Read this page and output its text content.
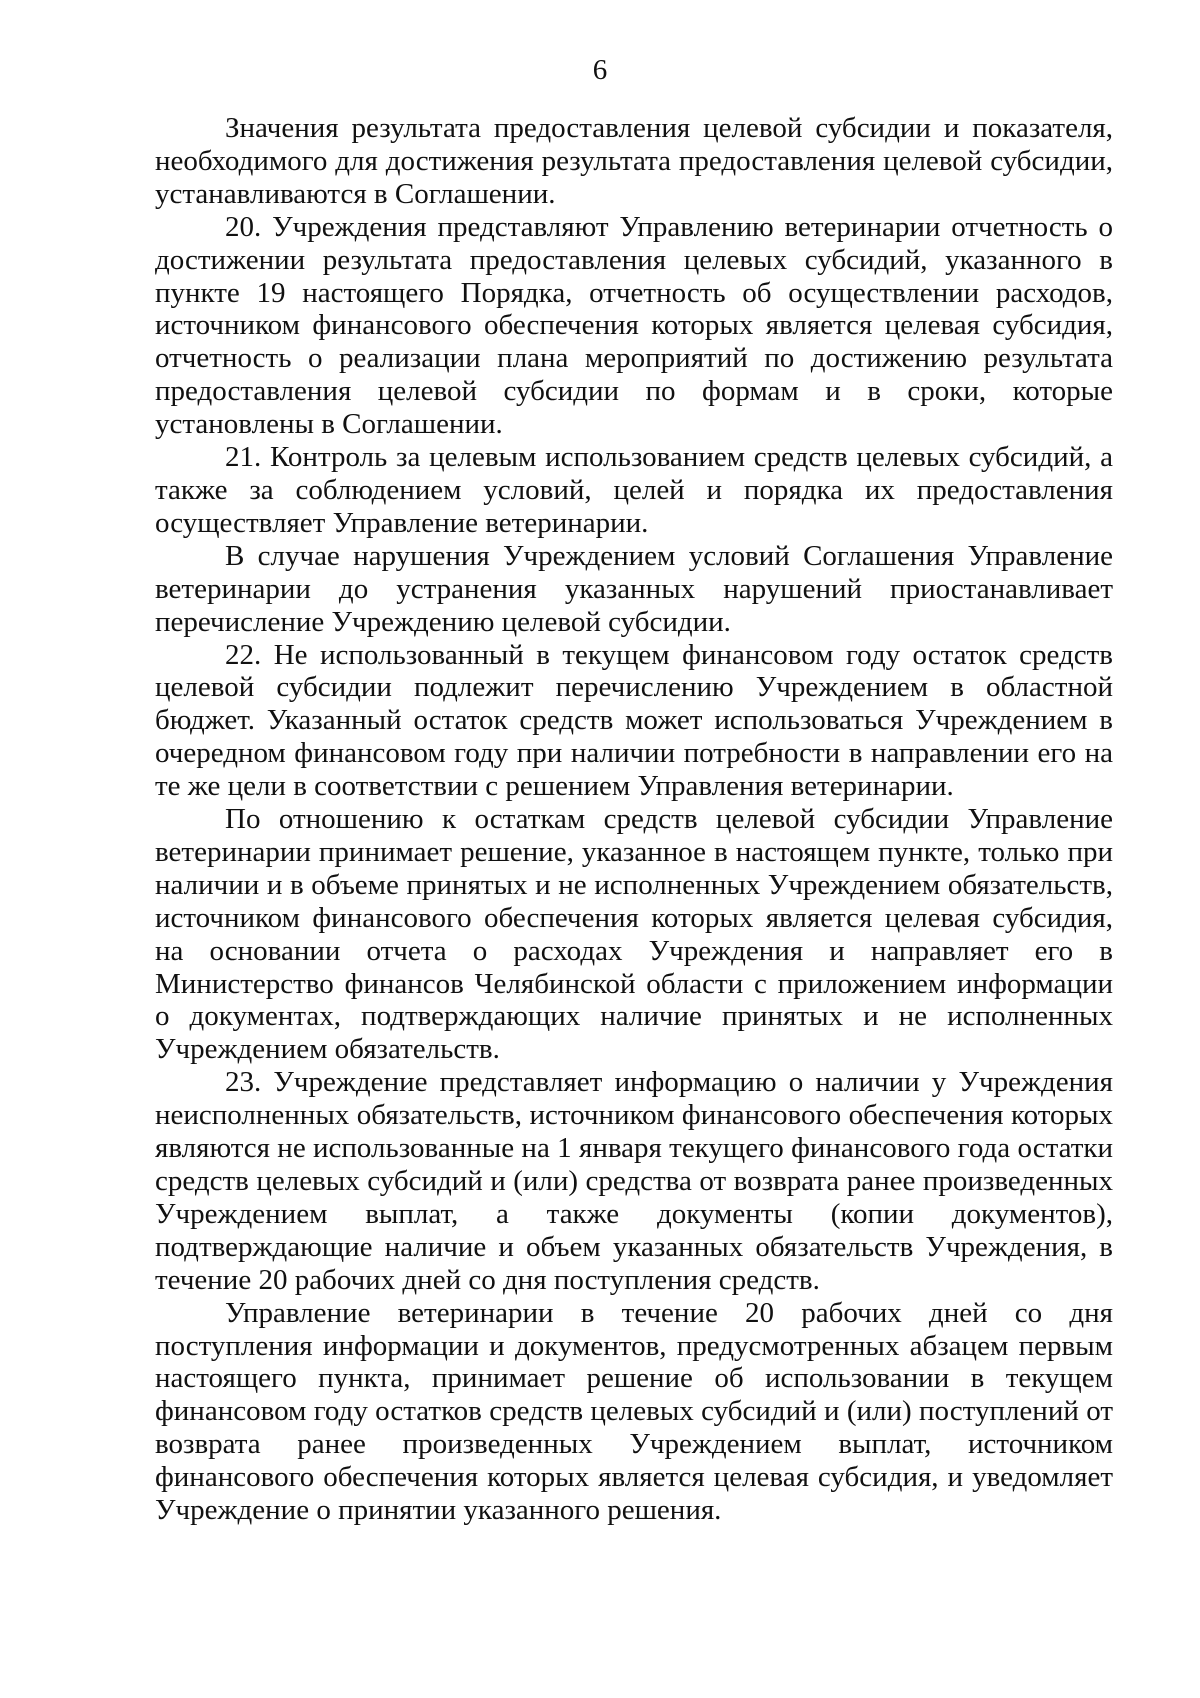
6

Значения результата предоставления целевой субсидии и показателя, необходимого для достижения результата предоставления целевой субсидии, устанавливаются в Соглашении.

20. Учреждения представляют Управлению ветеринарии отчетность о достижении результата предоставления целевых субсидий, указанного в пункте 19 настоящего Порядка, отчетность об осуществлении расходов, источником финансового обеспечения которых является целевая субсидия, отчетность о реализации плана мероприятий по достижению результата предоставления целевой субсидии по формам и в сроки, которые установлены в Соглашении.

21. Контроль за целевым использованием средств целевых субсидий, а также за соблюдением условий, целей и порядка их предоставления осуществляет Управление ветеринарии.

В случае нарушения Учреждением условий Соглашения Управление ветеринарии до устранения указанных нарушений приостанавливает перечисление Учреждению целевой субсидии.

22. Не использованный в текущем финансовом году остаток средств целевой субсидии подлежит перечислению Учреждением в областной бюджет. Указанный остаток средств может использоваться Учреждением в очередном финансовом году при наличии потребности в направлении его на те же цели в соответствии с решением Управления ветеринарии.

По отношению к остаткам средств целевой субсидии Управление ветеринарии принимает решение, указанное в настоящем пункте, только при наличии и в объеме принятых и не исполненных Учреждением обязательств, источником финансового обеспечения которых является целевая субсидия, на основании отчета о расходах Учреждения и направляет его в Министерство финансов Челябинской области с приложением информации о документах, подтверждающих наличие принятых и не исполненных Учреждением обязательств.

23. Учреждение представляет информацию о наличии у Учреждения неисполненных обязательств, источником финансового обеспечения которых являются не использованные на 1 января текущего финансового года остатки средств целевых субсидий и (или) средства от возврата ранее произведенных Учреждением выплат, а также документы (копии документов), подтверждающие наличие и объем указанных обязательств Учреждения, в течение 20 рабочих дней со дня поступления средств.

Управление ветеринарии в течение 20 рабочих дней со дня поступления информации и документов, предусмотренных абзацем первым настоящего пункта, принимает решение об использовании в текущем финансовом году остатков средств целевых субсидий и (или) поступлений от возврата ранее произведенных Учреждением выплат, источником финансового обеспечения которых является целевая субсидия, и уведомляет Учреждение о принятии указанного решения.
